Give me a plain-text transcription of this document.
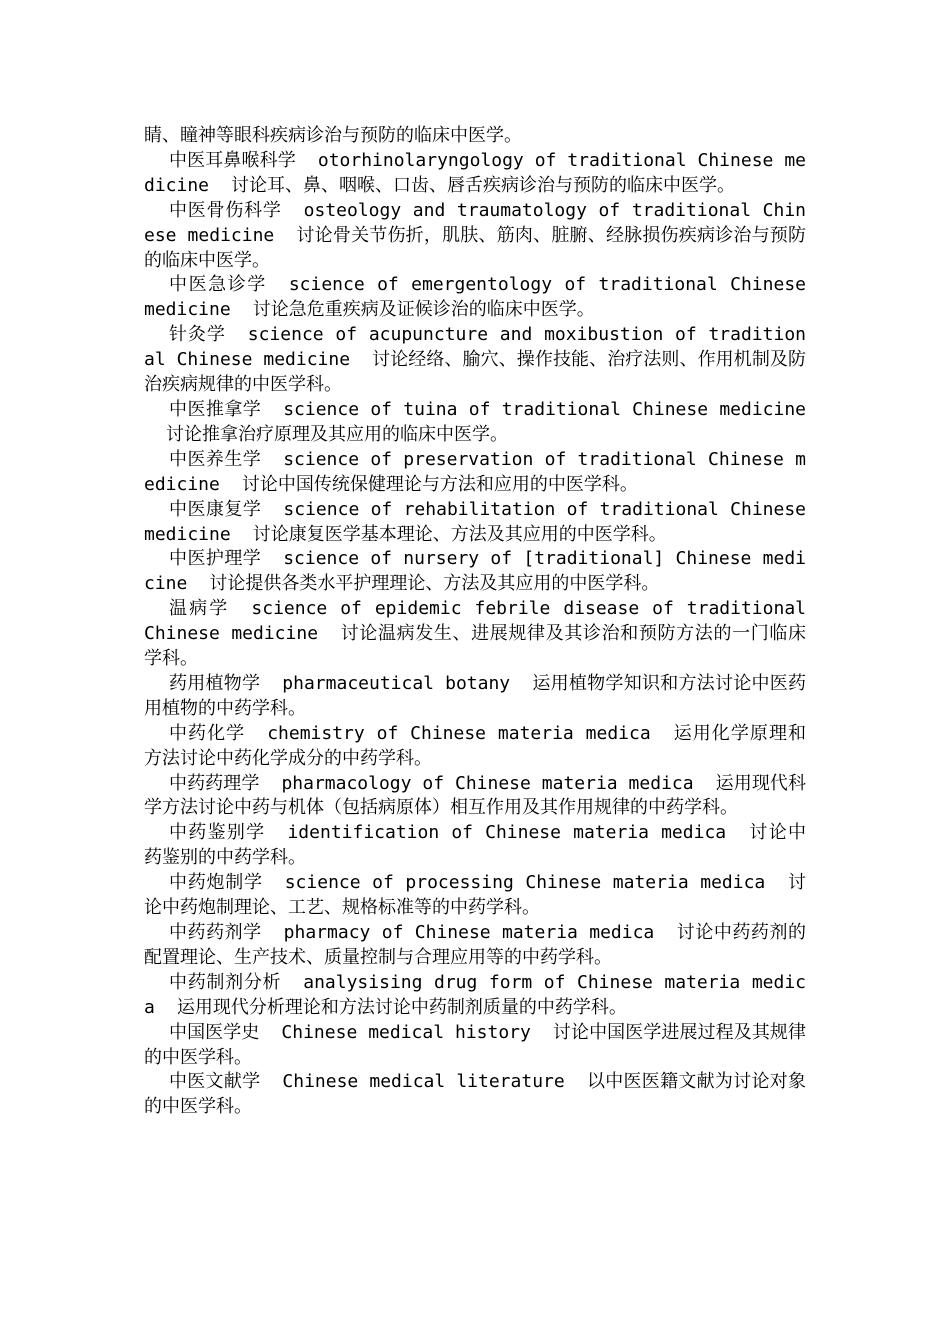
睛、瞳神等眼科疾病诊治与预防的临床中医学。

中医耳鼻喉科学 otorhinolaryngology of traditional Chinese medicine 讨论耳、鼻、咽喉、口齿、唇舌疾病诊治与预防的临床中医学。

中医骨伤科学 osteology and traumatology of traditional Chinese medicine 讨论骨关节伤折，肌肤、筋肉、脏腑、经脉损伤疾病诊治与预防的临床中医学。

中医急诊学 science of emergentology of traditional Chinese medicine 讨论急危重疾病及证候诊治的临床中医学。

针灸学 science of acupuncture and moxibustion of traditional Chinese medicine 讨论经络、腧穴、操作技能、治疗法则、作用机制及防治疾病规律的中医学科。

中医推拿学 science of tuina of traditional Chinese medicine讨论推拿治疗原理及其应用的临床中医学。

中医养生学 science of preservation of traditional Chinese medicine 讨论中国传统保健理论与方法和应用的中医学科。

中医康复学 science of rehabilitation of traditional Chinese medicine 讨论康复医学基本理论、方法及其应用的中医学科。

中医护理学 science of nursery of [traditional] Chinese medicine 讨论提供各类水平护理理论、方法及其应用的中医学科。

温病学 science of epidemic febrile disease of traditional Chinese medicine 讨论温病发生、进展规律及其诊治和预防方法的一门临床学科。

药用植物学 pharmaceutical botany 运用植物学知识和方法讨论中医药用植物的中药学科。

中药化学 chemistry of Chinese materia medica 运用化学原理和方法讨论中药化学成分的中药学科。

中药药理学 pharmacology of Chinese materia medica 运用现代科学方法讨论中药与机体（包括病原体）相互作用及其作用规律的中药学科。

中药鉴别学 identification of Chinese materia medica 讨论中药鉴别的中药学科。

中药炮制学 science of processing Chinese materia medica 讨论中药炮制理论、工艺、规格标准等的中药学科。

中药药剂学 pharmacy of Chinese materia medica 讨论中药药剂的配置理论、生产技术、质量控制与合理应用等的中药学科。

中药制剂分析 analysising drug form of Chinese materia medica 运用现代分析理论和方法讨论中药制剂质量的中药学科。

中国医学史 Chinese medical history 讨论中国医学进展过程及其规律的中医学科。

中医文献学 Chinese medical literature 以中医医籍文献为讨论对象的中医学科。
